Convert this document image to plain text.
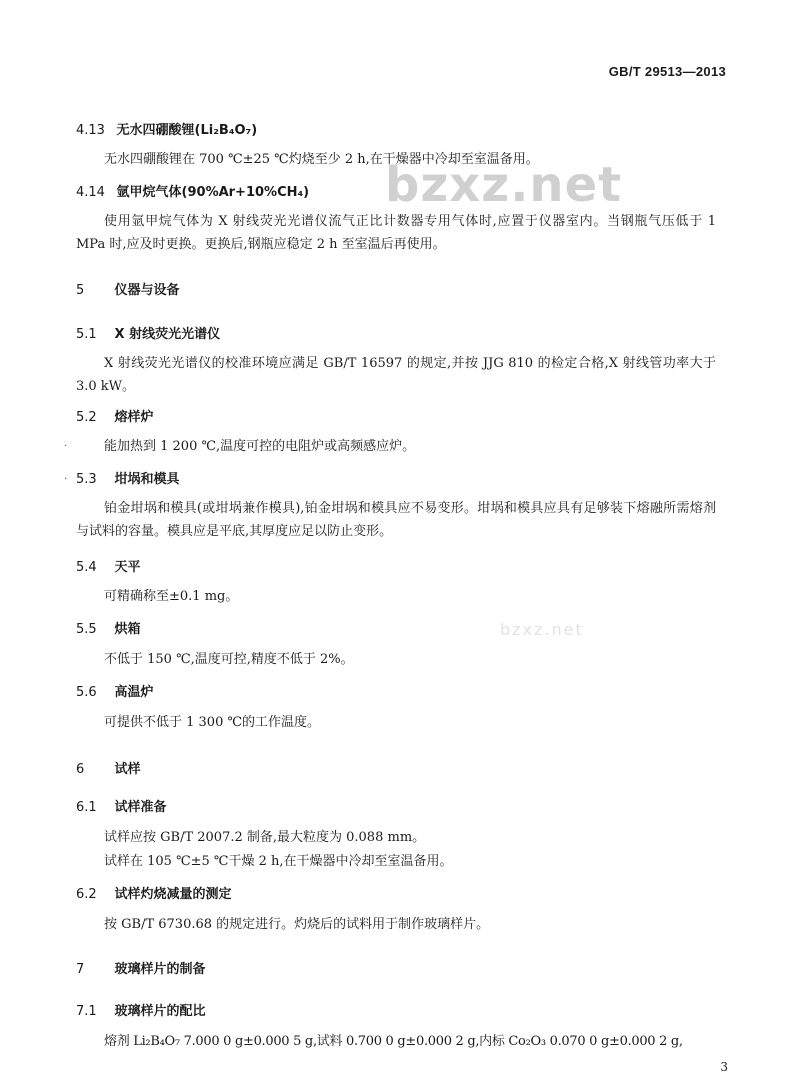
GB/T 29513—2013
bzxz.net
bzxz.net
4.13 无水四硼酸锂(Li₂B₄O₇)
无水四硼酸锂在 700 ℃±25 ℃灼烧至少 2 h,在干燥器中冷却至室温备用。
4.14 氩甲烷气体(90%Ar+10%CH₄)
使用氩甲烷气体为 X 射线荧光光谱仪流气正比计数器专用气体时,应置于仪器室内。当钢瓶气压低于 1 MPa 时,应及时更换。更换后,钢瓶应稳定 2 h 至室温后再使用。
5 仪器与设备
5.1 X 射线荧光光谱仪
X 射线荧光光谱仪的校准环境应满足 GB/T 16597 的规定,并按 JJG 810 的检定合格,X 射线管功率大于 3.0 kW。
5.2 熔样炉
能加热到 1 200 ℃,温度可控的电阻炉或高频感应炉。
5.3 坩埚和模具
铂金坩埚和模具(或坩埚兼作模具),铂金坩埚和模具应不易变形。坩埚和模具应具有足够装下熔融所需熔剂与试料的容量。模具应是平底,其厚度应足以防止变形。
5.4 天平
可精确称至±0.1 mg。
5.5 烘箱
不低于 150 ℃,温度可控,精度不低于 2%。
5.6 高温炉
可提供不低于 1 300 ℃的工作温度。
6 试样
6.1 试样准备
试样应按 GB/T 2007.2 制备,最大粒度为 0.088 mm。
试样在 105 ℃±5 ℃干燥 2 h,在干燥器中冷却至室温备用。
6.2 试样灼烧减量的测定
按 GB/T 6730.68 的规定进行。灼烧后的试料用于制作玻璃样片。
7 玻璃样片的制备
7.1 玻璃样片的配比
熔剂 Li₂B₄O₇ 7.000 0 g±0.000 5 g,试料 0.700 0 g±0.000 2 g,内标 Co₂O₃ 0.070 0 g±0.000 2 g,
3
·
·
